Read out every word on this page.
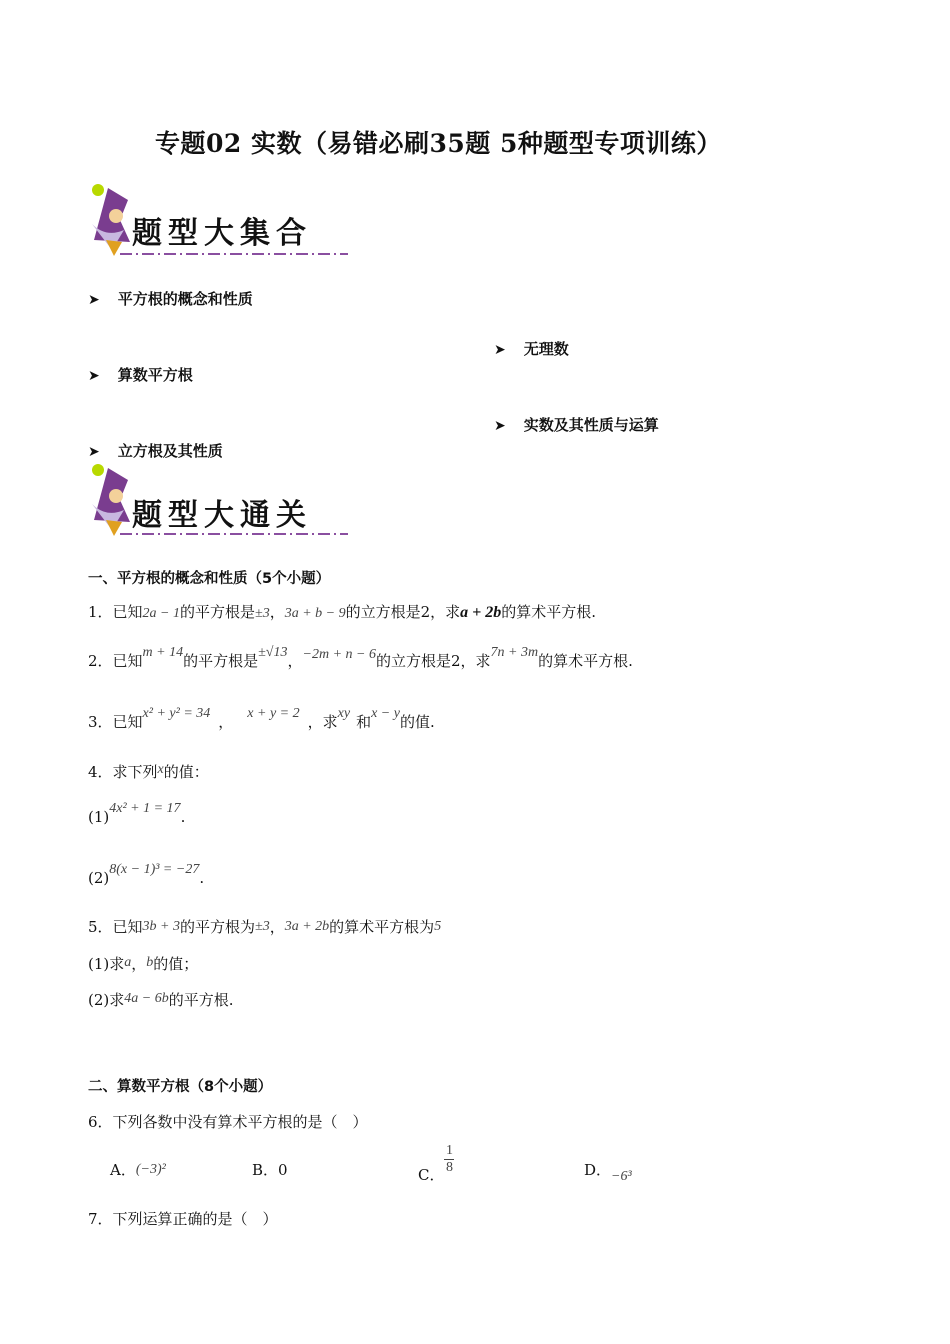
专题02 实数（易错必刷35题 5种题型专项训练）
题型大集合
➤ 平方根的概念和性质
➤ 算数平方根
➤ 立方根及其性质
➤ 无理数
➤ 实数及其性质与运算
题型大通关
一、平方根的概念和性质（5个小题）
1．已知2a − 1的平方根是±3，3a + b − 9的立方根是2，求a + 2b的算术平方根.
2．已知m + 14的平方根是±√13，−2m + n − 6的立方根是2，求7n + 3m的算术平方根.
3．已知x² + y² = 34 ， x + y = 2 ，求xy 和x − y的值.
4．求下列x的值：
(1)4x² + 1 = 17.
(2)8(x − 1)³ = −27.
5．已知3b + 3的平方根为±3，3a + 2b的算术平方根为5
(1)求a，b的值；
(2)求4a − 6b的平方根.
二、算数平方根（8个小题）
6．下列各数中没有算术平方根的是（　）
A．(−3)²	B．0	C． $\frac{1}{8}$	D．−6³
7．下列运算正确的是（　）
